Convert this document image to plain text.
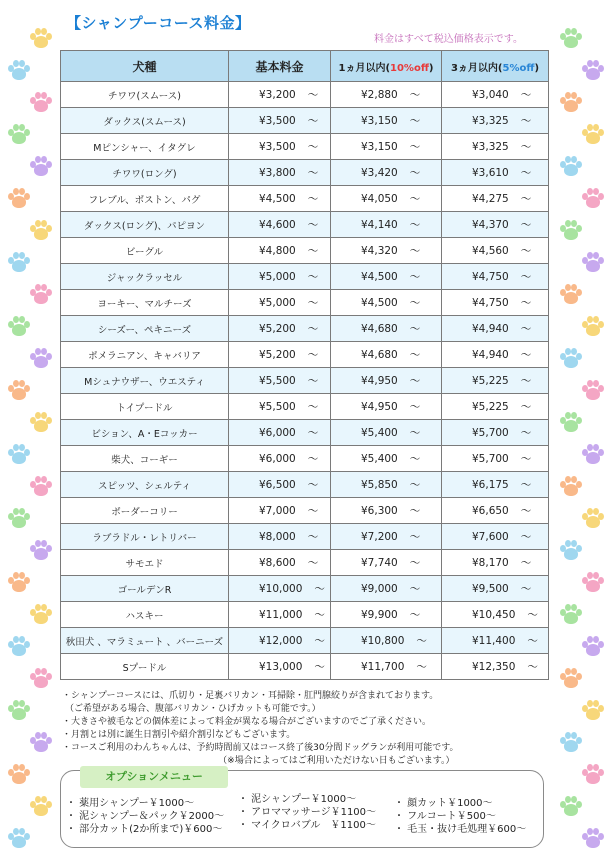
【シャンプーコース料金】
料金はすべて税込価格表示です。
犬種	基本料金	1ヵ月以内(10%off)	3ヵ月以内(5%off)
チワワ(スムース)	¥3,200 ～	¥2,880 ～	¥3,040 ～
ダックス(スムース)	¥3,500 ～	¥3,150 ～	¥3,325 ～
Mピンシャー、イタグレ	¥3,500 ～	¥3,150 ～	¥3,325 ～
チワワ(ロング)	¥3,800 ～	¥3,420 ～	¥3,610 ～
フレブル、ボストン、パグ	¥4,500 ～	¥4,050 ～	¥4,275 ～
ダックス(ロング)、パピヨン	¥4,600 ～	¥4,140 ～	¥4,370 ～
ビーグル	¥4,800 ～	¥4,320 ～	¥4,560 ～
ジャックラッセル	¥5,000 ～	¥4,500 ～	¥4,750 ～
ヨーキー、マルチーズ	¥5,000 ～	¥4,500 ～	¥4,750 ～
シーズー、ペキニーズ	¥5,200 ～	¥4,680 ～	¥4,940 ～
ポメラニアン、キャバリア	¥5,200 ～	¥4,680 ～	¥4,940 ～
Mシュナウザー、ウエスティ	¥5,500 ～	¥4,950 ～	¥5,225 ～
トイプードル	¥5,500 ～	¥4,950 ～	¥5,225 ～
ビション、A・Eコッカー	¥6,000 ～	¥5,400 ～	¥5,700 ～
柴犬、コーギー	¥6,000 ～	¥5,400 ～	¥5,700 ～
スピッツ、シェルティ	¥6,500 ～	¥5,850 ～	¥6,175 ～
ボーダーコリー	¥7,000 ～	¥6,300 ～	¥6,650 ～
ラブラドル・レトリバー	¥8,000 ～	¥7,200 ～	¥7,600 ～
サモエド	¥8,600 ～	¥7,740 ～	¥8,170 ～
ゴールデンR	¥10,000 ～	¥9,000 ～	¥9,500 ～
ハスキー	¥11,000 ～	¥9,900 ～	¥10,450 ～
秋田犬 、マラミュート 、バーニーズ	¥12,000 ～	¥10,800 ～	¥11,400 ～
Sプードル	¥13,000 ～	¥11,700 ～	¥12,350 ～
・シャンプーコースには、爪切り・足裏バリカン・耳掃除・肛門腺絞りが含まれております。
（ご希望がある場合、腹部バリカン・ひげカットも可能です。）
・大きさや被毛などの個体差によって料金が異なる場合がございますのでご了承ください。
・月割とは別に誕生日割引や紹介割引などもございます。
・コースご利用のわんちゃんは、予約時間前又はコース終了後30分間ドッグランが利用可能です。
（※場合によってはご利用いただけない日もございます。）
オプションメニュー
・ 薬用シャンプー￥1000～
・ 泥シャンプー＆パック￥2000～
・ 部分カット(2か所まで)￥600～
・ 泥シャンプー￥1000～
・ アロママッサージ￥1100～
・ マイクロバブル　￥1100～
・ 顔カット￥1000～
・ フルコート￥500～
・ 毛玉・抜け毛処理￥600～
